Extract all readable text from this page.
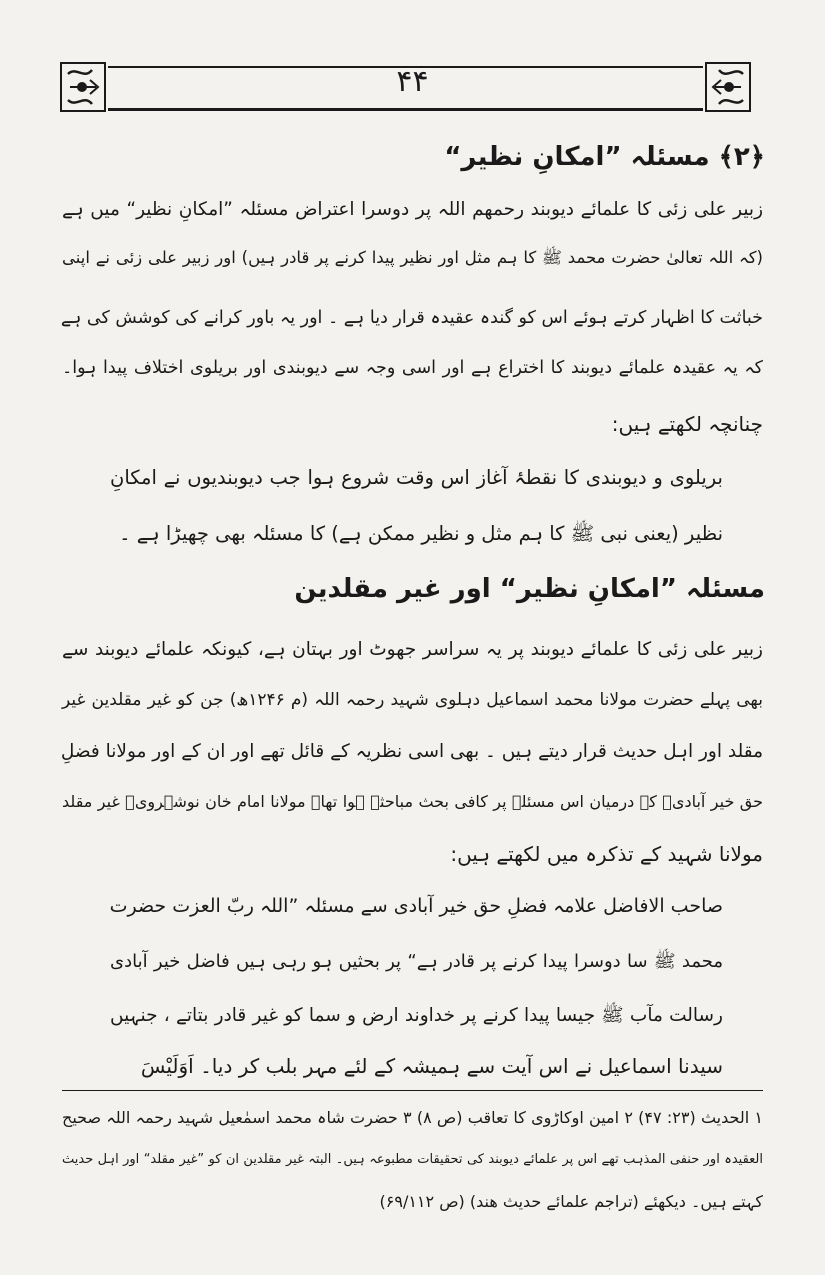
۴۴
﴿۲﴾ مسئلہ ”امکانِ نظیر“
زبیر علی زئی کا علمائے دیوبند رحمھم اللہ پر دوسرا اعتراض مسئلہ ”امکانِ نظیر“ میں ہے
(کہ اللہ تعالیٰ حضرت محمد ﷺ کا ہم مثل اور نظیر پیدا کرنے پر قادر ہیں) اور زبیر علی زئی نے اپنی
خباثت کا اظہار کرتے ہوئے اس کو گندہ عقیدہ قرار دیا ہے ۔ اور یہ باور کرانے کی کوشش کی ہے
کہ یہ عقیدہ علمائے دیوبند کا اختراع ہے اور اسی وجہ سے دیوبندی اور بریلوی اختلاف پیدا ہوا۔
چنانچہ لکھتے ہیں:
بریلوی و دیوبندی کا نقطۂ آغاز اس وقت شروع ہوا جب دیوبندیوں نے امکانِ
نظیر (یعنی نبی ﷺ کا ہم مثل و نظیر ممکن ہے) کا مسئلہ بھی چھیڑا ہے ۔
مسئلہ ”امکانِ نظیر“ اور غیر مقلدین
زبیر علی زئی کا علمائے دیوبند پر یہ سراسر جھوٹ اور بہتان ہے، کیونکہ علمائے دیوبند سے
بھی پہلے حضرت مولانا محمد اسماعیل دہلوی شہید رحمہ اللہ (م ۱۲۴۶ھ) جن کو غیر مقلدین غیر
مقلد اور اہل حدیث قرار دیتے ہیں ۔ بھی اسی نظریہ کے قائل تھے اور ان کے اور مولانا فضلِ
حق خیر آبادیؒ کے درمیان اس مسئلہ پر کافی بحث مباحثہ ہوا تھا۔ مولانا امام خان نوشہرویؒ غیر مقلد
مولانا شہید کے تذکرہ میں لکھتے ہیں:
صاحب الافاضل علامہ فضلِ حق خیر آبادی سے مسئلہ ”اللہ ربّ العزت حضرت
محمد ﷺ سا دوسرا پیدا کرنے پر قادر ہے“ پر بحثیں ہو رہی ہیں فاضل خیر آبادی
رسالت مآب ﷺ جیسا پیدا کرنے پر خداوند ارض و سما کو غیر قادر بتاتے ، جنہیں
سیدنا اسماعیل نے اس آیت سے ہمیشہ کے لئے مہر بلب کر دیا۔ اَوَلَیْسَ
۱ الحدیث (۲۳: ۴۷) ۲ امین اوکاڑوی کا تعاقب (ص ۸) ۳ حضرت شاہ محمد اسمٰعیل شہید رحمہ اللہ صحیح
العقیدہ اور حنفی المذہب تھے اس پر علمائے دیوبند کی تحقیقات مطبوعہ ہیں۔ البتہ غیر مقلدین ان کو ”غیر مقلد“ اور اہل حدیث
کہتے ہیں۔ دیکھئے (تراجم علمائے حدیث ھند) (ص ۶۹/۱۱۲)
